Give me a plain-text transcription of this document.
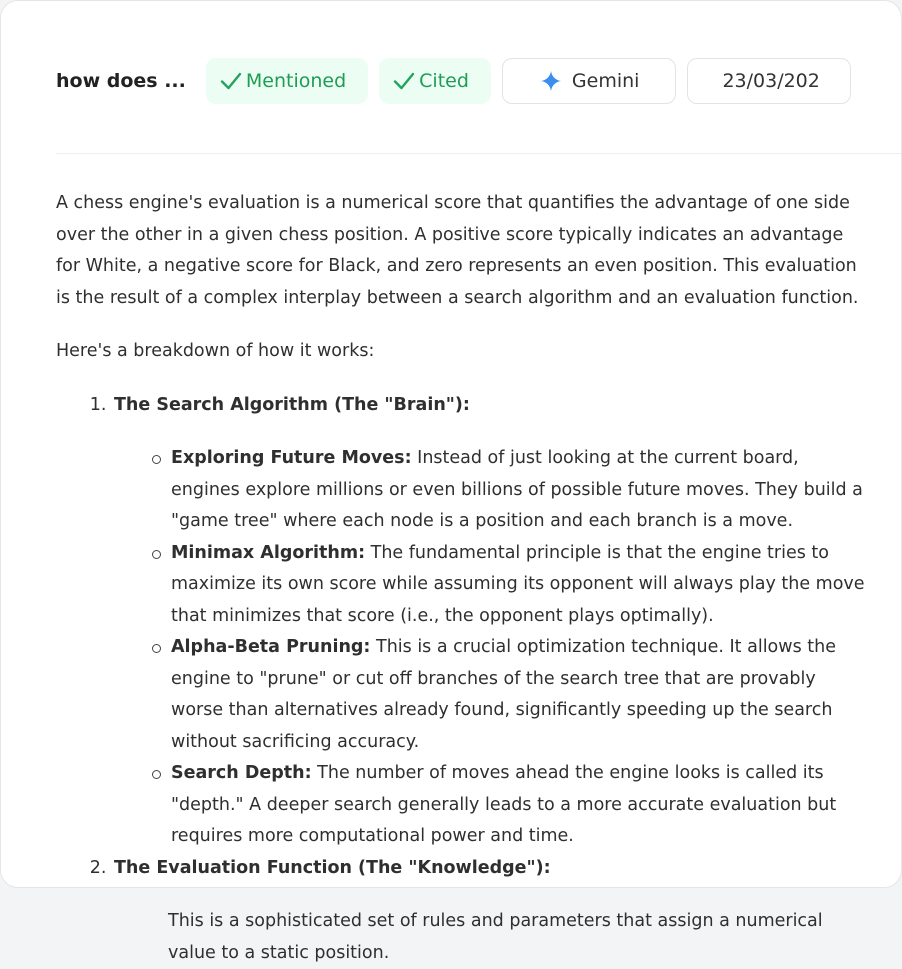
how does ...	Mentioned	Cited	Gemini	23/03/202

A chess engine's evaluation is a numerical score that quantifies the advantage of one side over the other in a given chess position. A positive score typically indicates an advantage for White, a negative score for Black, and zero represents an even position. This evaluation is the result of a complex interplay between a search algorithm and an evaluation function.

Here's a breakdown of how it works:

1. The Search Algorithm (The "Brain"):
Exploring Future Moves: Instead of just looking at the current board, engines explore millions or even billions of possible future moves. They build a "game tree" where each node is a position and each branch is a move.
Minimax Algorithm: The fundamental principle is that the engine tries to maximize its own score while assuming its opponent will always play the move that minimizes that score (i.e., the opponent plays optimally).
Alpha-Beta Pruning: This is a crucial optimization technique. It allows the engine to "prune" or cut off branches of the search tree that are provably worse than alternatives already found, significantly speeding up the search without sacrificing accuracy.
Search Depth: The number of moves ahead the engine looks is called its "depth." A deeper search generally leads to a more accurate evaluation but requires more computational power and time.
2. The Evaluation Function (The "Knowledge"):
This is a sophisticated set of rules and parameters that assign a numerical value to a static position.
